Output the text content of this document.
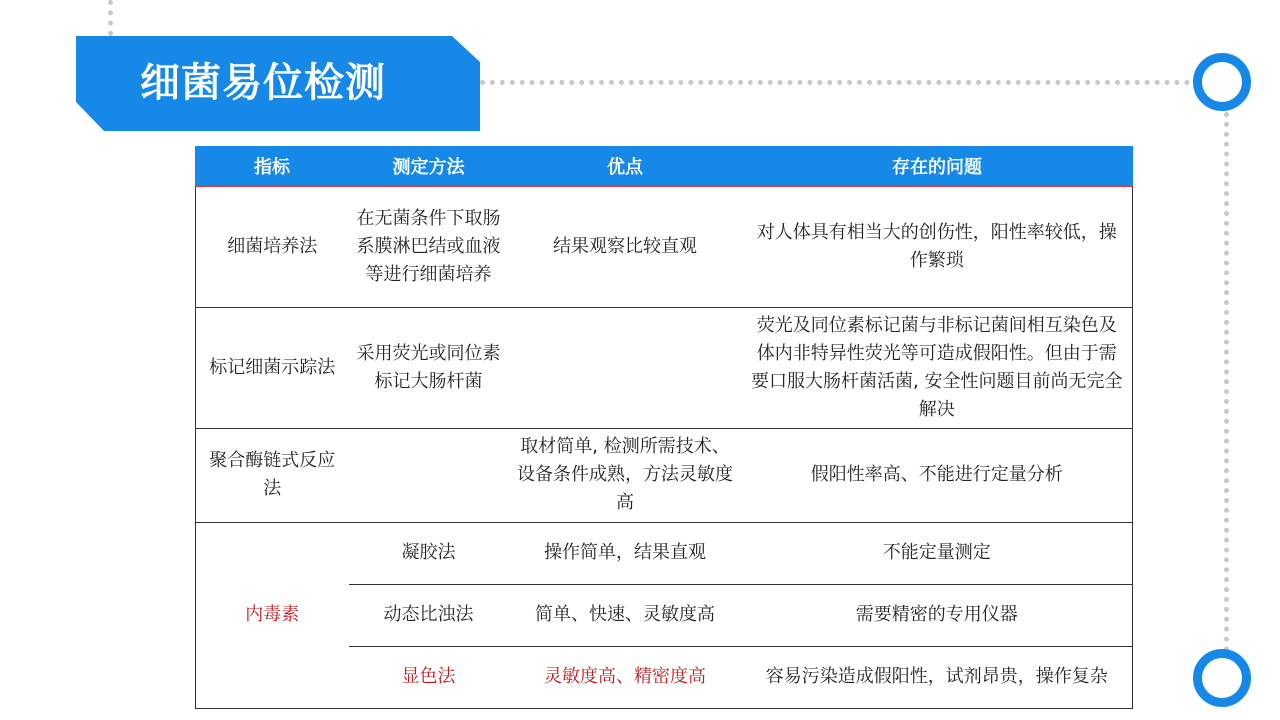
细菌易位检测
指标	测定方法	优点	存在的问题
细菌培养法	在无菌条件下取肠系膜淋巴结或血液等进行细菌培养	结果观察比较直观	对人体具有相当大的创伤性，阳性率较低，操作繁琐
标记细菌示踪法	采用荧光或同位素标记大肠杆菌		荧光及同位素标记菌与非标记菌间相互染色及体内非特异性荧光等可造成假阳性。但由于需要口服大肠杆菌活菌, 安全性问题目前尚无完全解决
聚合酶链式反应法		取材简单, 检测所需技术、设备条件成熟，方法灵敏度高	假阳性率高、不能进行定量分析
内毒素	凝胶法	操作简单，结果直观	不能定量测定
	动态比浊法	简单、快速、灵敏度高	需要精密的专用仪器
	显色法	灵敏度高、精密度高	容易污染造成假阳性，试剂昂贵，操作复杂
